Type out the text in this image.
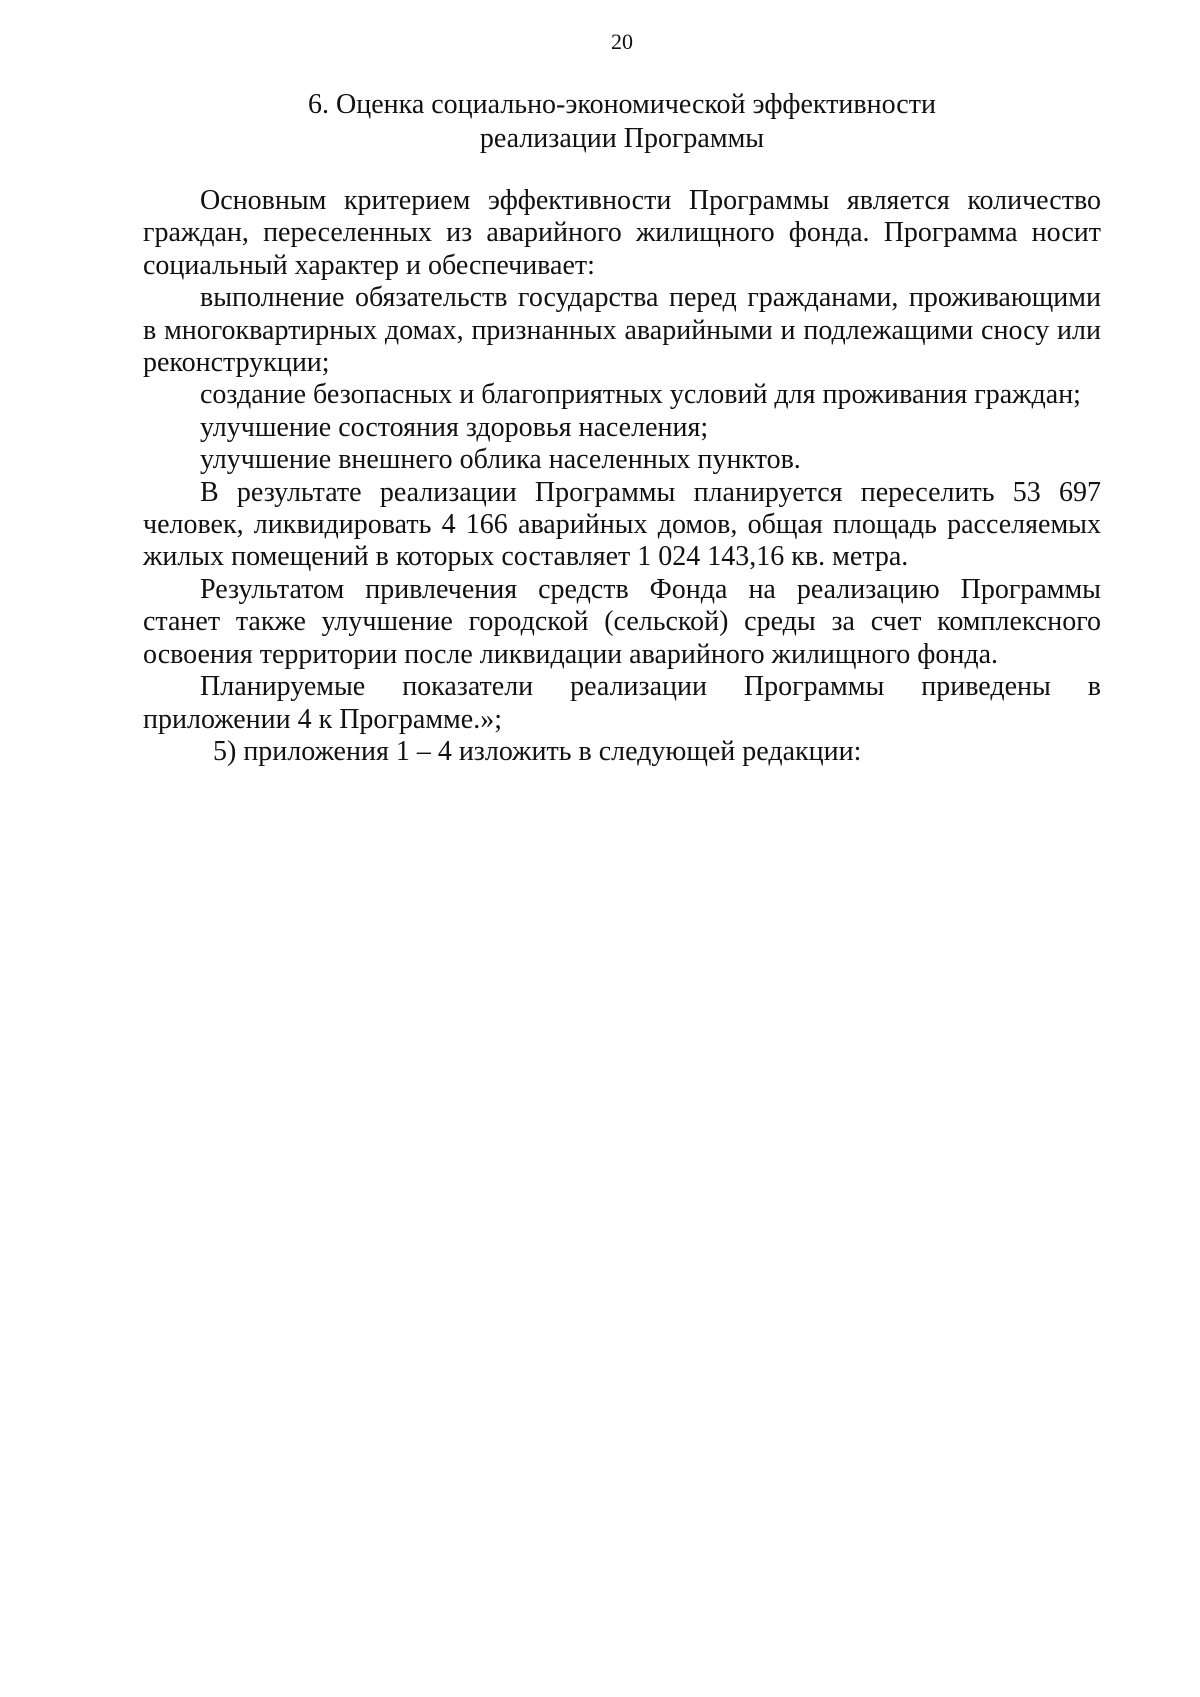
20
6. Оценка социально-экономической эффективности
реализации Программы

Основным критерием эффективности Программы является количество граждан, переселенных из аварийного жилищного фонда. Программа носит социальный характер и обеспечивает:

выполнение обязательств государства перед гражданами, проживающими в многоквартирных домах, признанных аварийными и подлежащими сносу или реконструкции;

создание безопасных и благоприятных условий для проживания граждан;

улучшение состояния здоровья населения;

улучшение внешнего облика населенных пунктов.

В результате реализации Программы планируется переселить 53 697 человек, ликвидировать 4 166 аварийных домов, общая площадь расселяемых жилых помещений в которых составляет 1 024 143,16 кв. метра.

Результатом привлечения средств Фонда на реализацию Программы станет также улучшение городской (сельской) среды за счет комплексного освоения территории после ликвидации аварийного жилищного фонда.

Планируемые показатели реализации Программы приведены в приложении 4 к Программе.»;

5) приложения 1 – 4 изложить в следующей редакции:
